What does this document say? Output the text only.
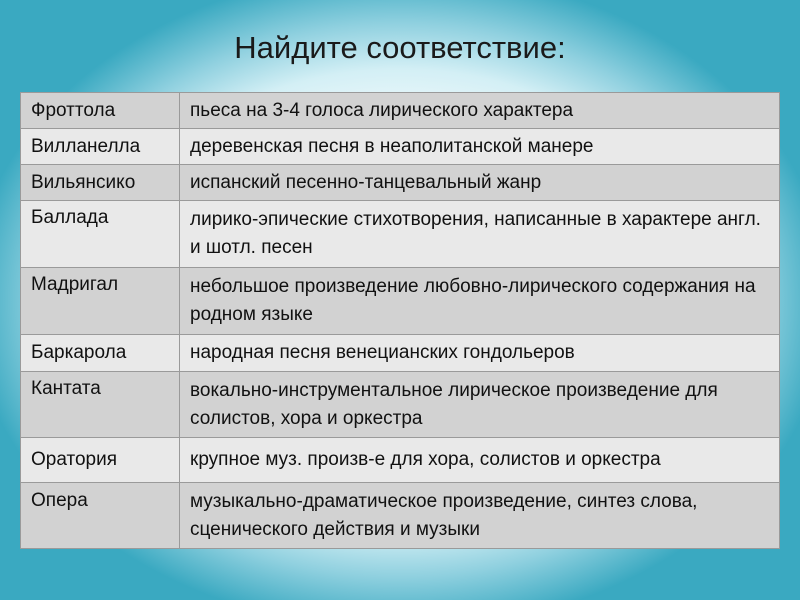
Найдите соответствие:
Фроттола	пьеса на 3-4 голоса лирического характера
Вилланелла	деревенская песня в неаполитанской манере
Вильянсико	испанский песенно-танцевальный жанр
Баллада	лирико-эпические стихотворения, написанные в характере англ. и шотл. песен
Мадригал	небольшое произведение любовно-лирического содержания на родном языке
Баркарола	народная песня венецианских гондольеров
Кантата	вокально-инструментальное лирическое произведение для солистов, хора и оркестра
Оратория	крупное муз. произв-е для хора, солистов и оркестра
Опера	музыкально-драматическое произведение, синтез слова, сценического действия и музыки
